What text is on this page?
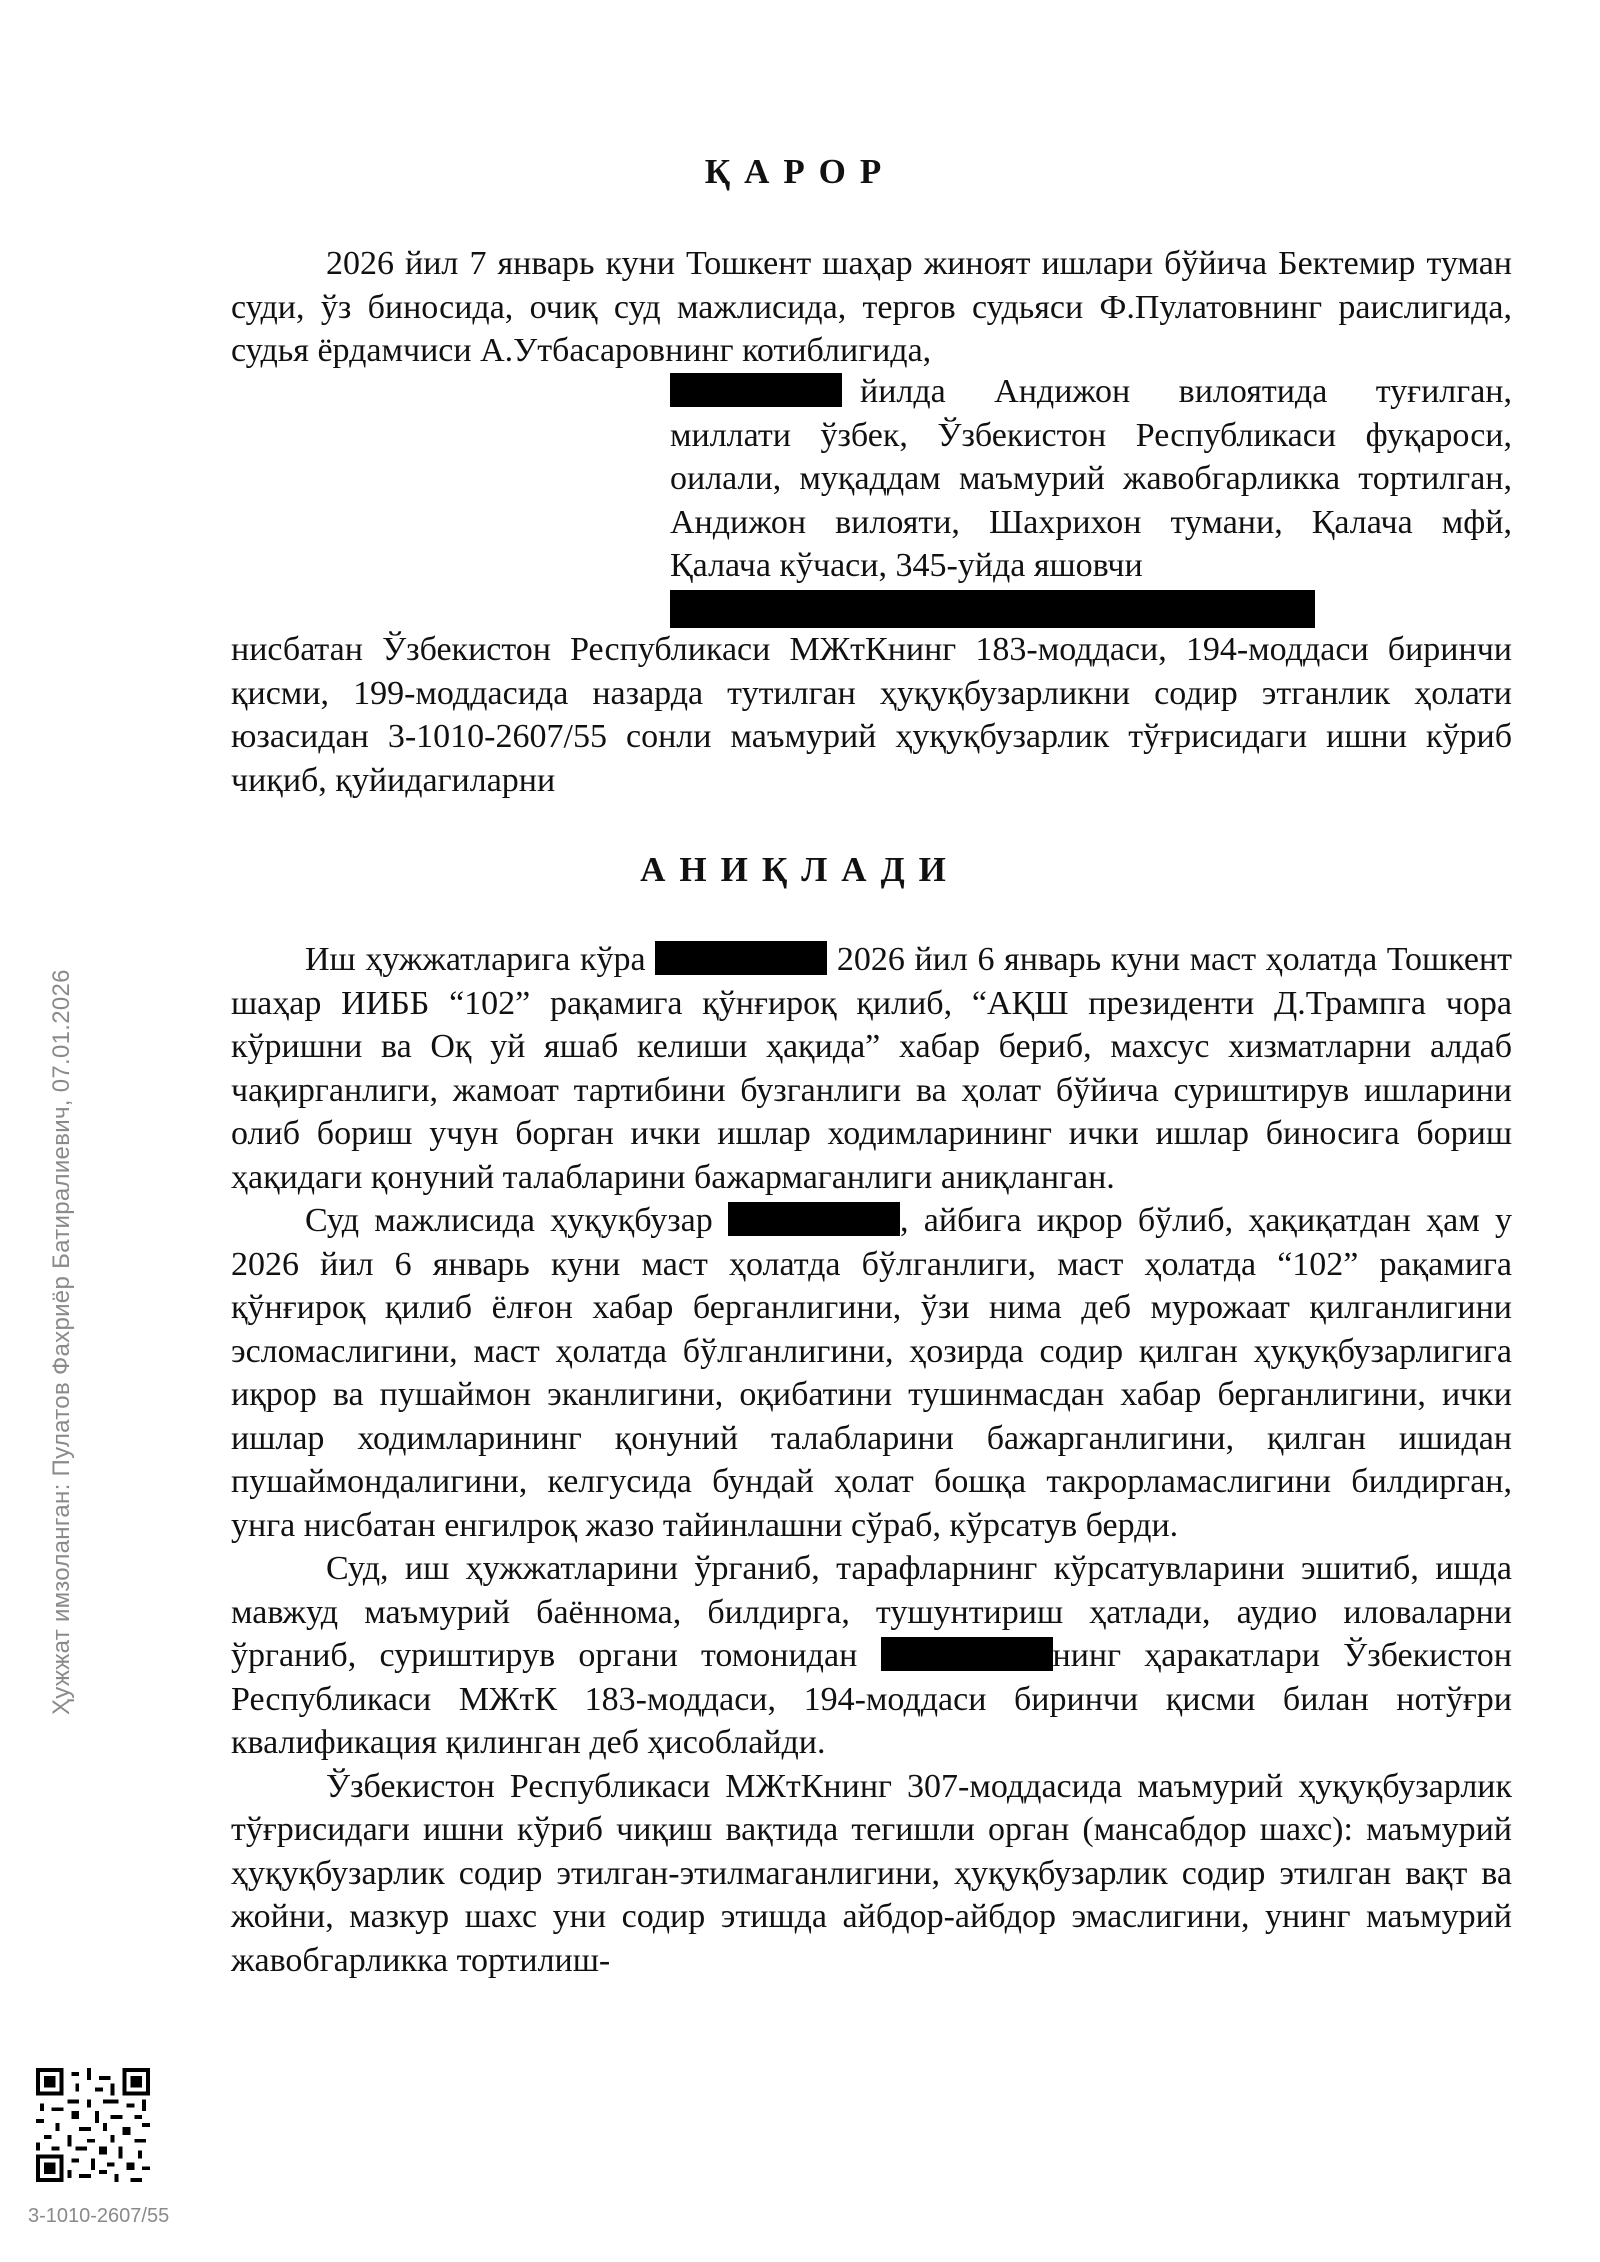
ҚАРОР

2026 йил 7 январь куни Тошкент шаҳар жиноят ишлари бўйича Бектемир туман суди, ўз биносида, очиқ суд мажлисида, тергов судьяси Ф.Пулатовнинг раислигида, судья ёрдамчиси А.Утбасаровнинг котиблигида,

йилда Андижон вилоятида туғилган, миллати ўзбек, Ўзбекистон Республикаси фуқароси, оилали, муқаддам маъмурий жавобгарликка тортилган, Андижон вилояти, Шахрихон тумани, Қалача мфй, Қалача кўчаси, 345-уйда яшовчи

нисбатан Ўзбекистон Республикаси МЖтКнинг 183-моддаси, 194-моддаси биринчи қисми, 199-моддасида назарда тутилган ҳуқуқбузарликни содир этганлик ҳолати юзасидан 3-1010-2607/55 сонли маъмурий ҳуқуқбузарлик тўғрисидаги ишни кўриб чиқиб, қуйидагиларни

АНИҚЛАДИ

Иш ҳужжатларига кўра	2026 йил 6 январь куни маст ҳолатда Тошкент шаҳар ИИББ “102” рақамига қўнғироқ қилиб, “АҚШ президенти Д.Трампга чора кўришни ва Оқ уй яшаб келиши ҳақида” хабар бериб, махсус хизматларни алдаб чақирганлиги, жамоат тартибини бузганлиги ва ҳолат бўйича суриштирув ишларини олиб бориш учун борган ички ишлар ходимларининг ички ишлар биносига бориш ҳақидаги қонуний талабларини бажармаганлиги аниқланган.

Суд мажлисида ҳуқуқбузар	, айбига иқрор бўлиб, ҳақиқатдан ҳам у 2026 йил 6 январь куни маст ҳолатда бўлганлиги, маст ҳолатда “102” рақамига қўнғироқ қилиб ёлғон хабар берганлигини, ўзи нима деб мурожаат қилганлигини эсломаслигини, маст ҳолатда бўлганлигини, ҳозирда содир қилган ҳуқуқбузарлигига иқрор ва пушаймон эканлигини, оқибатини тушинмасдан хабар берганлигини, ички ишлар ходимларининг қонуний талабларини бажарганлигини, қилган ишидан пушаймондалигини, келгусида бундай ҳолат бошқа такрорламаслигини билдирган, унга нисбатан енгилроқ жазо тайинлашни сўраб, кўрсатув берди.

Суд, иш ҳужжатларини ўрганиб, тарафларнинг кўрсатувларини эшитиб, ишда мавжуд маъмурий баённома, билдирга, тушунтириш ҳатлади, аудио иловаларни ўрганиб, суриштирув органи томонидан	нинг ҳаракатлари Ўзбекистон Республикаси МЖтК 183-моддаси, 194-моддаси биринчи қисми билан нотўғри квалификация қилинган деб ҳисоблайди.

Ўзбекистон Республикаси МЖтКнинг 307-моддасида маъмурий ҳуқуқбузарлик тўғрисидаги ишни кўриб чиқиш вақтида тегишли орган (мансабдор шахс): маъмурий ҳуқуқбузарлик содир этилган-этилмаганлигини, ҳуқуқбузарлик содир этилган вақт ва жойни, мазкур шахс уни содир этишда айбдор-айбдор эмаслигини, унинг маъмурий жавобгарликка тортилиш-

Ҳужжат имзоланган: Пулатов Фахриёр Батиралиевич, 07.01.2026
3-1010-2607/55
